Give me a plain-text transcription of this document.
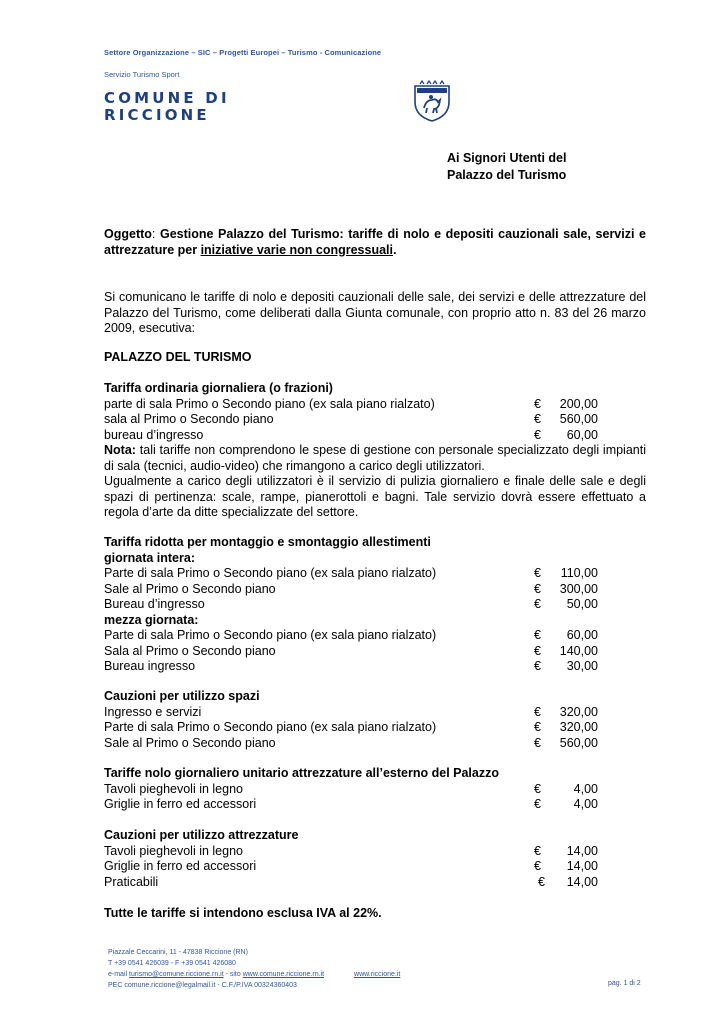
Settore Organizzazione – SIC – Progetti Europei – Turismo - Comunicazione
Servizio Turismo Sport
COMUNE DI
RICCIONE
Ai Signori Utenti del
Palazzo del Turismo
Oggetto: Gestione Palazzo del Turismo: tariffe di nolo e depositi cauzionali sale, servizi e attrezzature per iniziative varie non congressuali.
Si comunicano le tariffe di nolo e depositi cauzionali delle sale, dei servizi e delle attrezzature del Palazzo del Turismo, come deliberati dalla Giunta comunale, con proprio atto n. 83 del 26 marzo 2009, esecutiva:
PALAZZO DEL TURISMO
Tariffa ordinaria giornaliera (o frazioni)
parte di sala Primo o Secondo piano (ex sala piano rialzato)	€ 200,00
sala al Primo o Secondo piano	€ 560,00
bureau d’ingresso	€ 60,00
Nota: tali tariffe non comprendono le spese di gestione con personale specializzato degli impianti di sala (tecnici, audio-video) che rimangono a carico degli utilizzatori.
Ugualmente a carico degli utilizzatori è il servizio di pulizia giornaliero e finale delle sale e degli spazi di pertinenza: scale, rampe, pianerottoli e bagni. Tale servizio dovrà essere effettuato a regola d’arte da ditte specializzate del settore.
Tariffa ridotta per montaggio e smontaggio allestimenti
giornata intera:
Parte di sala Primo o Secondo piano (ex sala piano rialzato)	€ 110,00
Sale al Primo o Secondo piano	€ 300,00
Bureau d’ingresso	€ 50,00
mezza giornata:
Parte di sala Primo o Secondo piano (ex sala piano rialzato)	€ 60,00
Sala al Primo o Secondo piano	€ 140,00
Bureau ingresso	€ 30,00
Cauzioni per utilizzo spazi
Ingresso e servizi	€ 320,00
Parte di sala Primo o Secondo piano (ex sala piano rialzato)	€ 320,00
Sale al Primo o Secondo piano	€ 560,00
Tariffe nolo giornaliero unitario attrezzature all’esterno del Palazzo
Tavoli pieghevoli in legno	€	4,00
Griglie in ferro ed accessori	€	4,00
Cauzioni per utilizzo attrezzature
Tavoli pieghevoli in legno	€ 14,00
Griglie in ferro ed accessori	€ 14,00
Praticabili	€ 14,00
Tutte le tariffe si intendono esclusa IVA al 22%.
Piazzale Ceccarini, 11 - 47838 Riccione (RN)
T +39 0541 426039 - F +39 0541 426080
e-mail turismo@comune.riccione.rn.it - sito www.comune.riccione.rn.it	www.riccione.it
PEC comune.riccione@legalmail.it - C.F./P.IVA 00324360403	pag. 1 di 2
